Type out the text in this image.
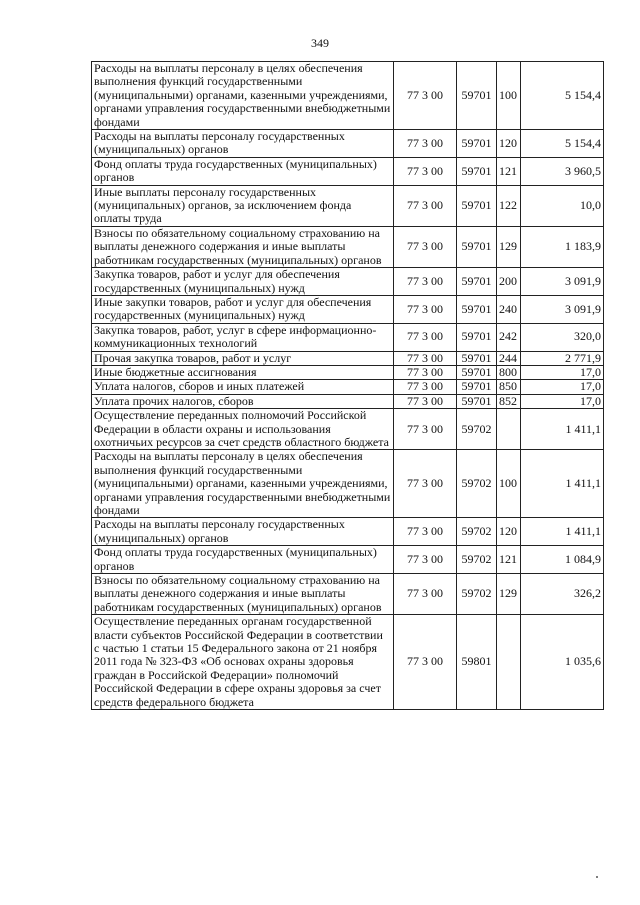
349
Расходы на выплаты персоналу в целях обеспечения выполнения функций государственными (муниципальными) органами, казенными учреждениями, органами управления государственными внебюджетными фондами	77 3 00	59701	100	5 154,4
Расходы на выплаты персоналу государственных (муниципальных) органов	77 3 00	59701	120	5 154,4
Фонд оплаты труда государственных (муниципальных) органов	77 3 00	59701	121	3 960,5
Иные выплаты персоналу государственных (муниципальных) органов, за исключением фонда оплаты труда	77 3 00	59701	122	10,0
Взносы по обязательному социальному страхованию на выплаты денежного содержания и иные выплаты работникам государственных (муниципальных) органов	77 3 00	59701	129	1 183,9
Закупка товаров, работ и услуг для обеспечения государственных (муниципальных) нужд	77 3 00	59701	200	3 091,9
Иные закупки товаров, работ и услуг для обеспечения государственных (муниципальных) нужд	77 3 00	59701	240	3 091,9
Закупка товаров, работ, услуг в сфере информационно-коммуникационных технологий	77 3 00	59701	242	320,0
Прочая закупка товаров, работ и услуг	77 3 00	59701	244	2 771,9
Иные бюджетные ассигнования	77 3 00	59701	800	17,0
Уплата налогов, сборов и иных платежей	77 3 00	59701	850	17,0
Уплата прочих налогов, сборов	77 3 00	59701	852	17,0
Осуществление переданных полномочий Российской Федерации в области охраны и использования охотничьих ресурсов за счет средств областного бюджета	77 3 00	59702		1 411,1
Расходы на выплаты персоналу в целях обеспечения выполнения функций государственными (муниципальными) органами, казенными учреждениями, органами управления государственными внебюджетными фондами	77 3 00	59702	100	1 411,1
Расходы на выплаты персоналу государственных (муниципальных) органов	77 3 00	59702	120	1 411,1
Фонд оплаты труда государственных (муниципальных) органов	77 3 00	59702	121	1 084,9
Взносы по обязательному социальному страхованию на выплаты денежного содержания и иные выплаты работникам государственных (муниципальных) органов	77 3 00	59702	129	326,2
Осуществление переданных органам государственной власти субъектов Российской Федерации в соответствии с частью 1 статьи 15 Федерального закона от 21 ноября 2011 года № 323-ФЗ «Об основах охраны здоровья граждан в Российской Федерации» полномочий Российской Федерации в сфере охраны здоровья за счет средств федерального бюджета	77 3 00	59801		1 035,6
